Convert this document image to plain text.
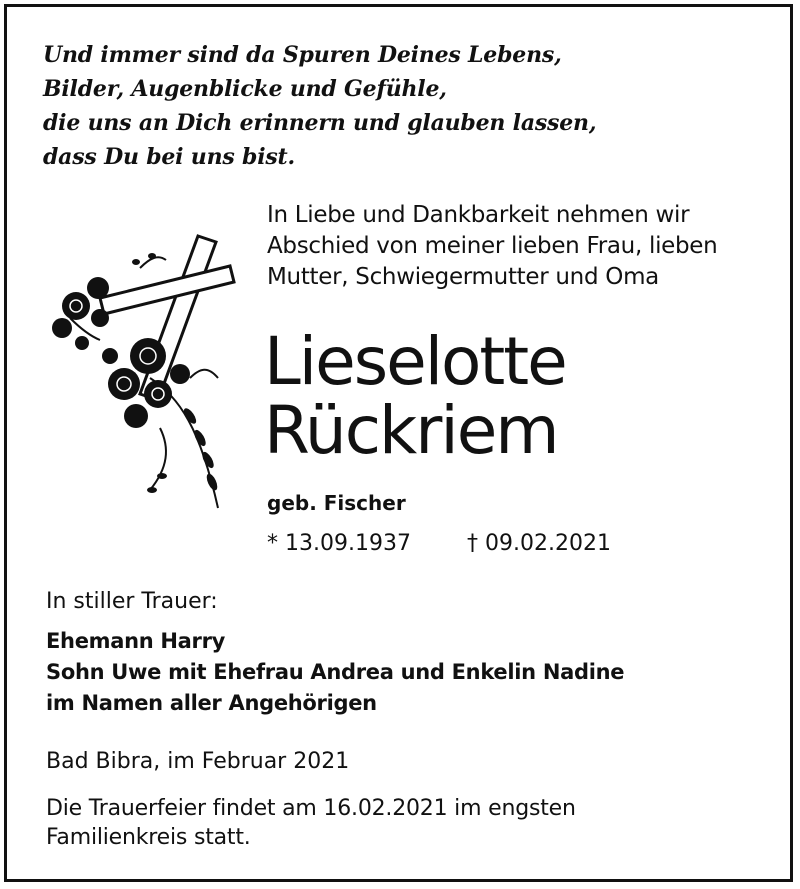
Und immer sind da Spuren Deines Lebens,
Bilder, Augenblicke und Gefühle,
die uns an Dich erinnern und glauben lassen,
dass Du bei uns bist.
In Liebe und Dankbarkeit nehmen wir
Abschied von meiner lieben Frau, lieben
Mutter, Schwiegermutter und Oma
Lieselotte
Rückriem
geb. Fischer
* 13.09.1937	† 09.02.2021
In stiller Trauer:
Ehemann Harry
Sohn Uwe mit Ehefrau Andrea und Enkelin Nadine
im Namen aller Angehörigen
Bad Bibra, im Februar 2021
Die Trauerfeier findet am 16.02.2021 im engsten
Familienkreis statt.
